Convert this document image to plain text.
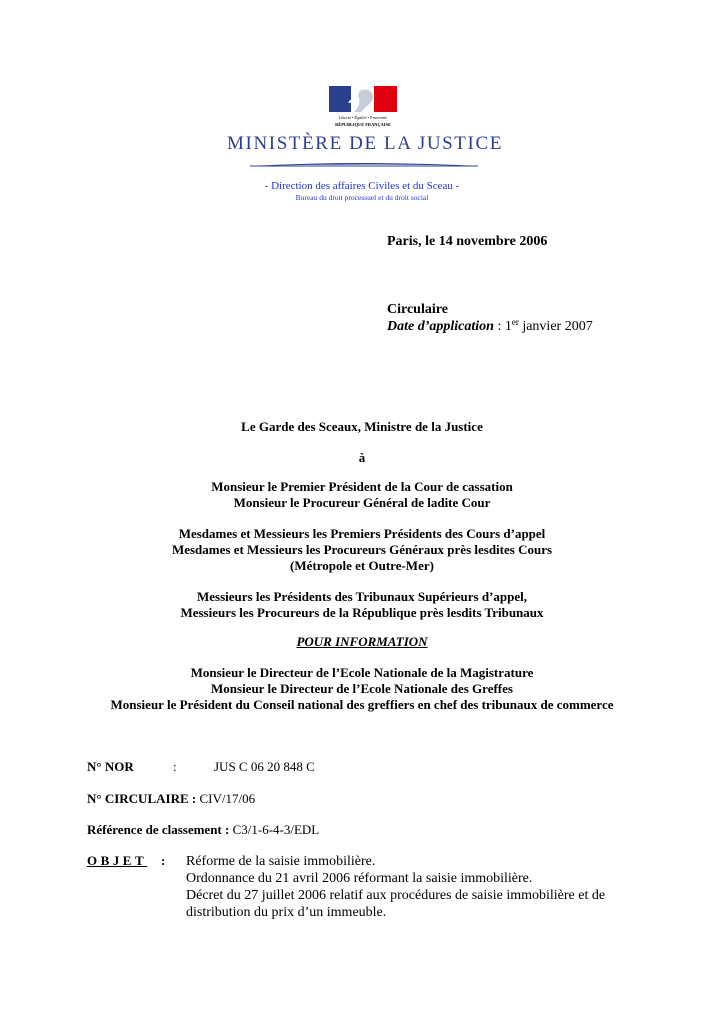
Liberté • Égalité • Fraternité
RÉPUBLIQUE FRANÇAISE
MINISTÈRE DE LA JUSTICE
- Direction des affaires Civiles et du Sceau -
Bureau du droit processuel et du droit social
Paris, le 14 novembre 2006
Circulaire
Date d’application : 1er janvier 2007
Le Garde des Sceaux, Ministre de la Justice
à
Monsieur le Premier Président de la Cour de cassation
Monsieur le Procureur Général de ladite Cour
Mesdames et Messieurs les Premiers Présidents des Cours d’appel
Mesdames et Messieurs les Procureurs Généraux près lesdites Cours
(Métropole et Outre-Mer)
Messieurs les Présidents des Tribunaux Supérieurs d’appel,
Messieurs les Procureurs de la République près lesdits Tribunaux
POUR INFORMATION
Monsieur le Directeur de l’Ecole Nationale de la Magistrature
Monsieur le Directeur de l’Ecole Nationale des Greffes
Monsieur le Président du Conseil national des greffiers en chef des tribunaux de commerce
N° NOR	:	JUS C 06 20 848 C
N° CIRCULAIRE : CIV/17/06
Référence de classement : C3/1-6-4-3/EDL
OBJET : Réforme de la saisie immobilière.
Ordonnance du 21 avril 2006 réformant la saisie immobilière.
Décret du 27 juillet 2006 relatif aux procédures de saisie immobilière et de
distribution du prix d’un immeuble.
